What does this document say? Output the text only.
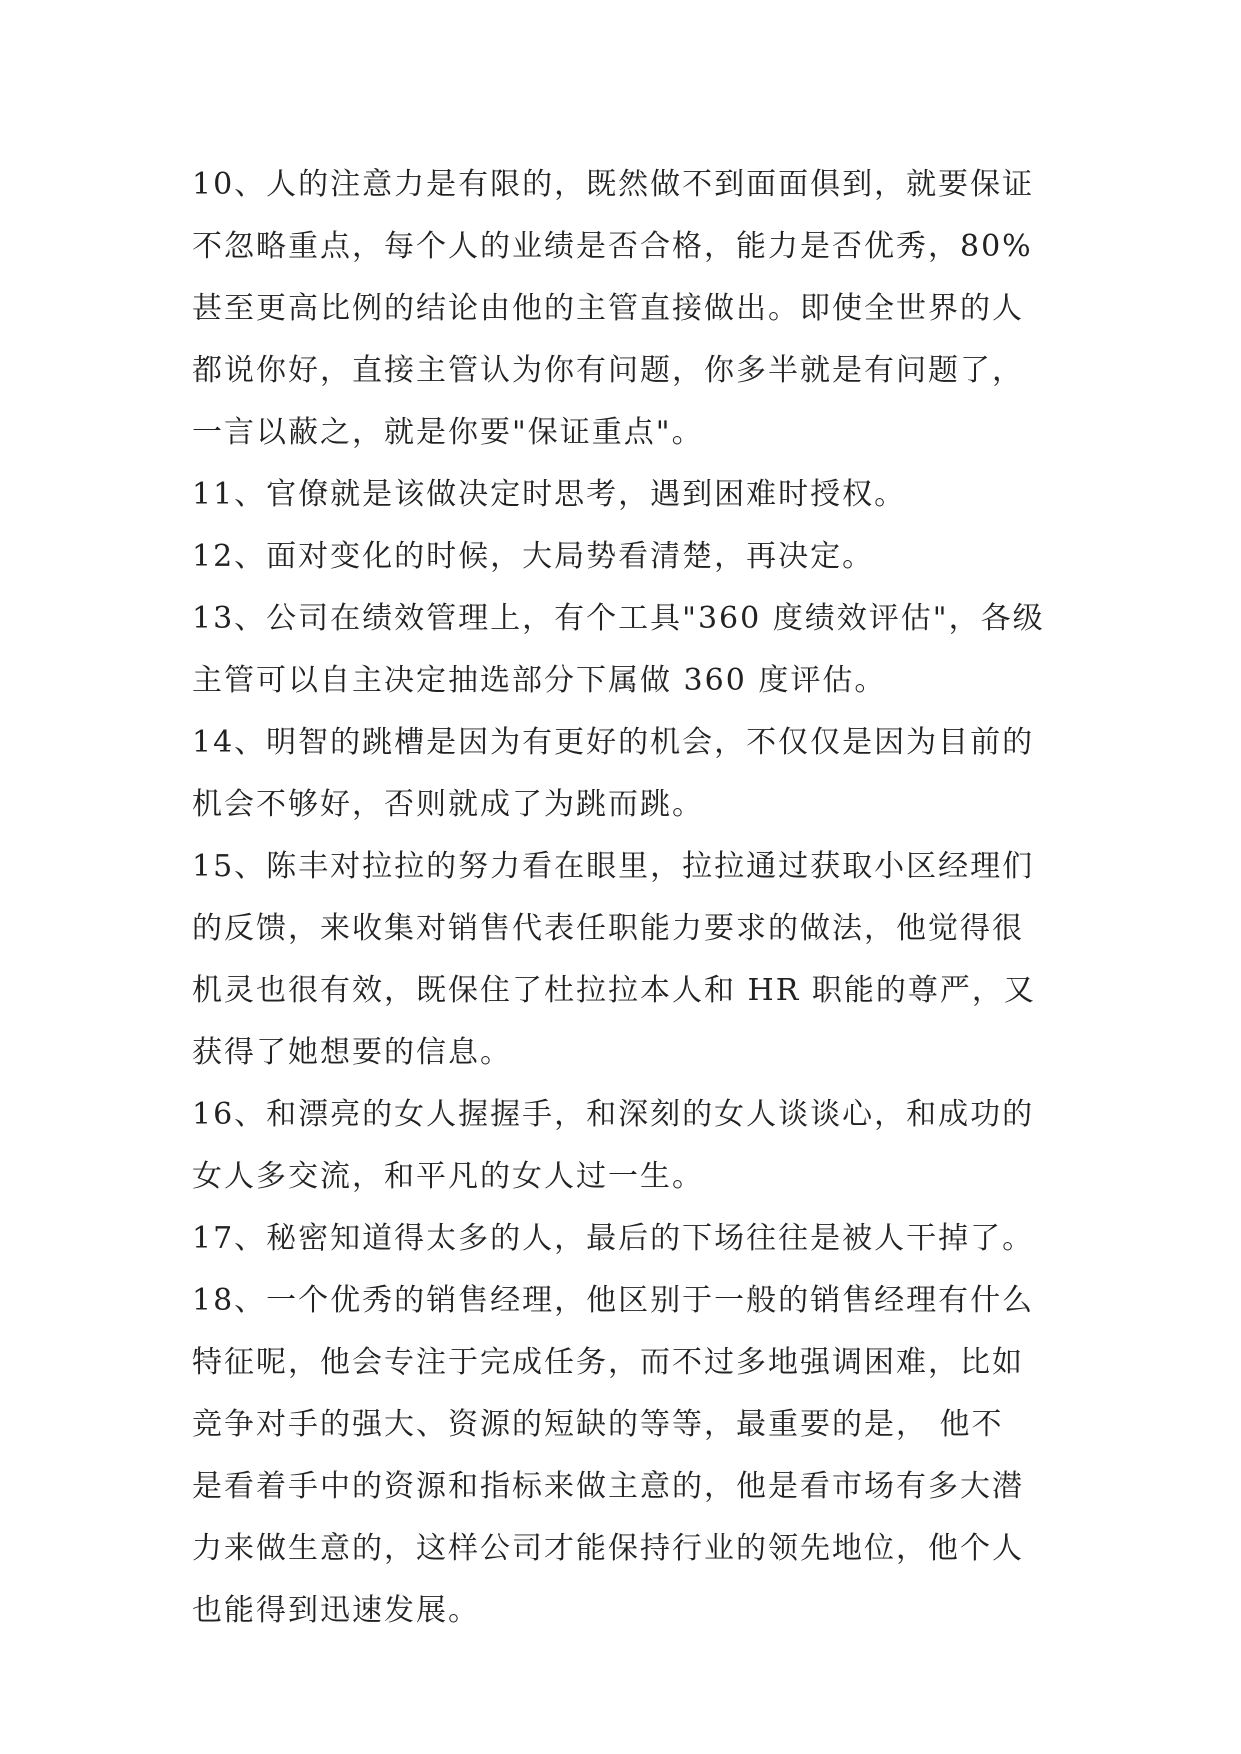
10、人的注意力是有限的，既然做不到面面俱到，就要保证
不忽略重点，每个人的业绩是否合格，能力是否优秀，80%
甚至更高比例的结论由他的主管直接做出。即使全世界的人
都说你好，直接主管认为你有问题，你多半就是有问题了，
一言以蔽之，就是你要"保证重点"。
11、官僚就是该做决定时思考，遇到困难时授权。
12、面对变化的时候，大局势看清楚，再决定。
13、公司在绩效管理上，有个工具"360 度绩效评估"，各级
主管可以自主决定抽选部分下属做 360 度评估。
14、明智的跳槽是因为有更好的机会，不仅仅是因为目前的
机会不够好，否则就成了为跳而跳。
15、陈丰对拉拉的努力看在眼里，拉拉通过获取小区经理们
的反馈，来收集对销售代表任职能力要求的做法，他觉得很
机灵也很有效，既保住了杜拉拉本人和 HR 职能的尊严，又
获得了她想要的信息。
16、和漂亮的女人握握手，和深刻的女人谈谈心，和成功的
女人多交流，和平凡的女人过一生。
17、秘密知道得太多的人，最后的下场往往是被人干掉了。
18、一个优秀的销售经理，他区别于一般的销售经理有什么
特征呢，他会专注于完成任务，而不过多地强调困难，比如
竞争对手的强大、资源的短缺的等等，最重要的是， 他不
是看着手中的资源和指标来做主意的，他是看市场有多大潜
力来做生意的，这样公司才能保持行业的领先地位，他个人
也能得到迅速发展。
